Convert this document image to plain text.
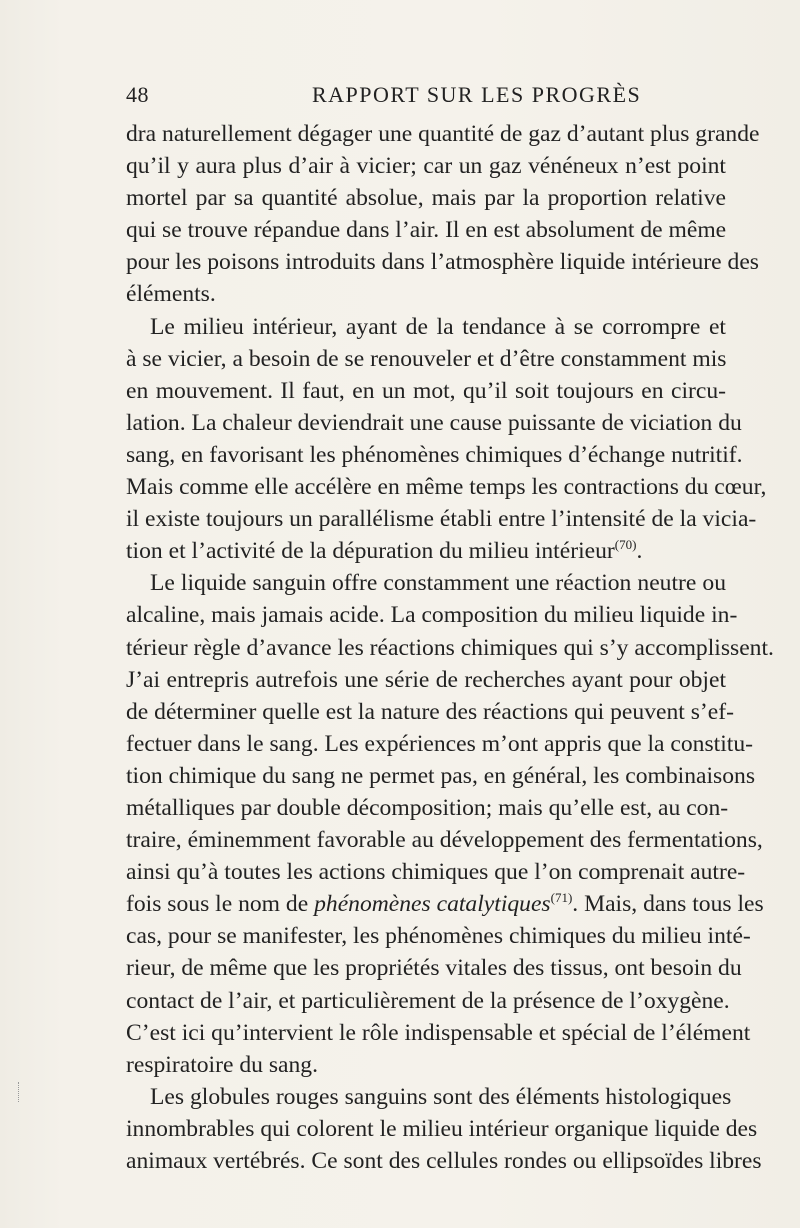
48	RAPPORT SUR LES PROGRÈS
dra naturellement dégager une quantité de gaz d’autant plus grande
qu’il y aura plus d’air à vicier; car un gaz vénéneux n’est point
mortel par sa quantité absolue, mais par la proportion relative
qui se trouve répandue dans l’air. Il en est absolument de même
pour les poisons introduits dans l’atmosphère liquide intérieure des
éléments.
Le milieu intérieur, ayant de la tendance à se corrompre et
à se vicier, a besoin de se renouveler et d’être constamment mis
en mouvement. Il faut, en un mot, qu’il soit toujours en circu-
lation. La chaleur deviendrait une cause puissante de viciation du
sang, en favorisant les phénomènes chimiques d’échange nutritif.
Mais comme elle accélère en même temps les contractions du cœur,
il existe toujours un parallélisme établi entre l’intensité de la vicia-
tion et l’activité de la dépuration du milieu intérieur$^{(70)}$.
Le liquide sanguin offre constamment une réaction neutre ou
alcaline, mais jamais acide. La composition du milieu liquide in-
térieur règle d’avance les réactions chimiques qui s’y accomplissent.
J’ai entrepris autrefois une série de recherches ayant pour objet
de déterminer quelle est la nature des réactions qui peuvent s’ef-
fectuer dans le sang. Les expériences m’ont appris que la constitu-
tion chimique du sang ne permet pas, en général, les combinaisons
métalliques par double décomposition; mais qu’elle est, au con-
traire, éminemment favorable au développement des fermentations,
ainsi qu’à toutes les actions chimiques que l’on comprenait autre-
fois sous le nom de phénomènes catalytiques$^{(71)}$. Mais, dans tous les
cas, pour se manifester, les phénomènes chimiques du milieu inté-
rieur, de même que les propriétés vitales des tissus, ont besoin du
contact de l’air, et particulièrement de la présence de l’oxygène.
C’est ici qu’intervient le rôle indispensable et spécial de l’élément
respiratoire du sang.
Les globules rouges sanguins sont des éléments histologiques
innombrables qui colorent le milieu intérieur organique liquide des
animaux vertébrés. Ce sont des cellules rondes ou ellipsoïdes libres
